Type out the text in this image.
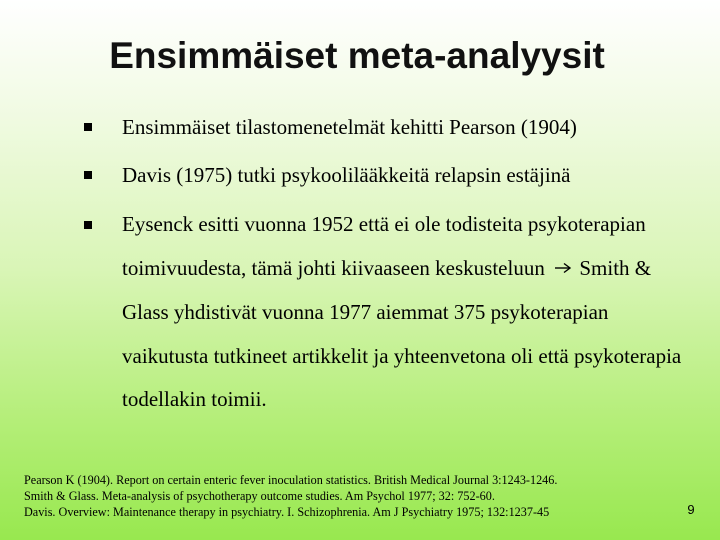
Ensimmäiset meta-analyysit
Ensimmäiset tilastomenetelmät kehitti Pearson (1904)
Davis (1975) tutki psykoolilääkkeitä relapsin estäjinä
Eysenck esitti vuonna 1952 että ei ole todisteita psykoterapian toimivuudesta, tämä johti kiivaaseen keskusteluun Smith & Glass yhdistivät vuonna 1977 aiemmat 375 psykoterapian vaikutusta tutkineet artikkelit ja yhteenvetona oli että psykoterapia todellakin toimii.
Pearson K (1904). Report on certain enteric fever inoculation statistics. British Medical Journal 3:1243-1246.
Smith & Glass. Meta-analysis of psychotherapy outcome studies. Am Psychol 1977; 32: 752-60.
Davis. Overview: Maintenance therapy in psychiatry. I. Schizophrenia. Am J Psychiatry 1975; 132:1237-45	9
